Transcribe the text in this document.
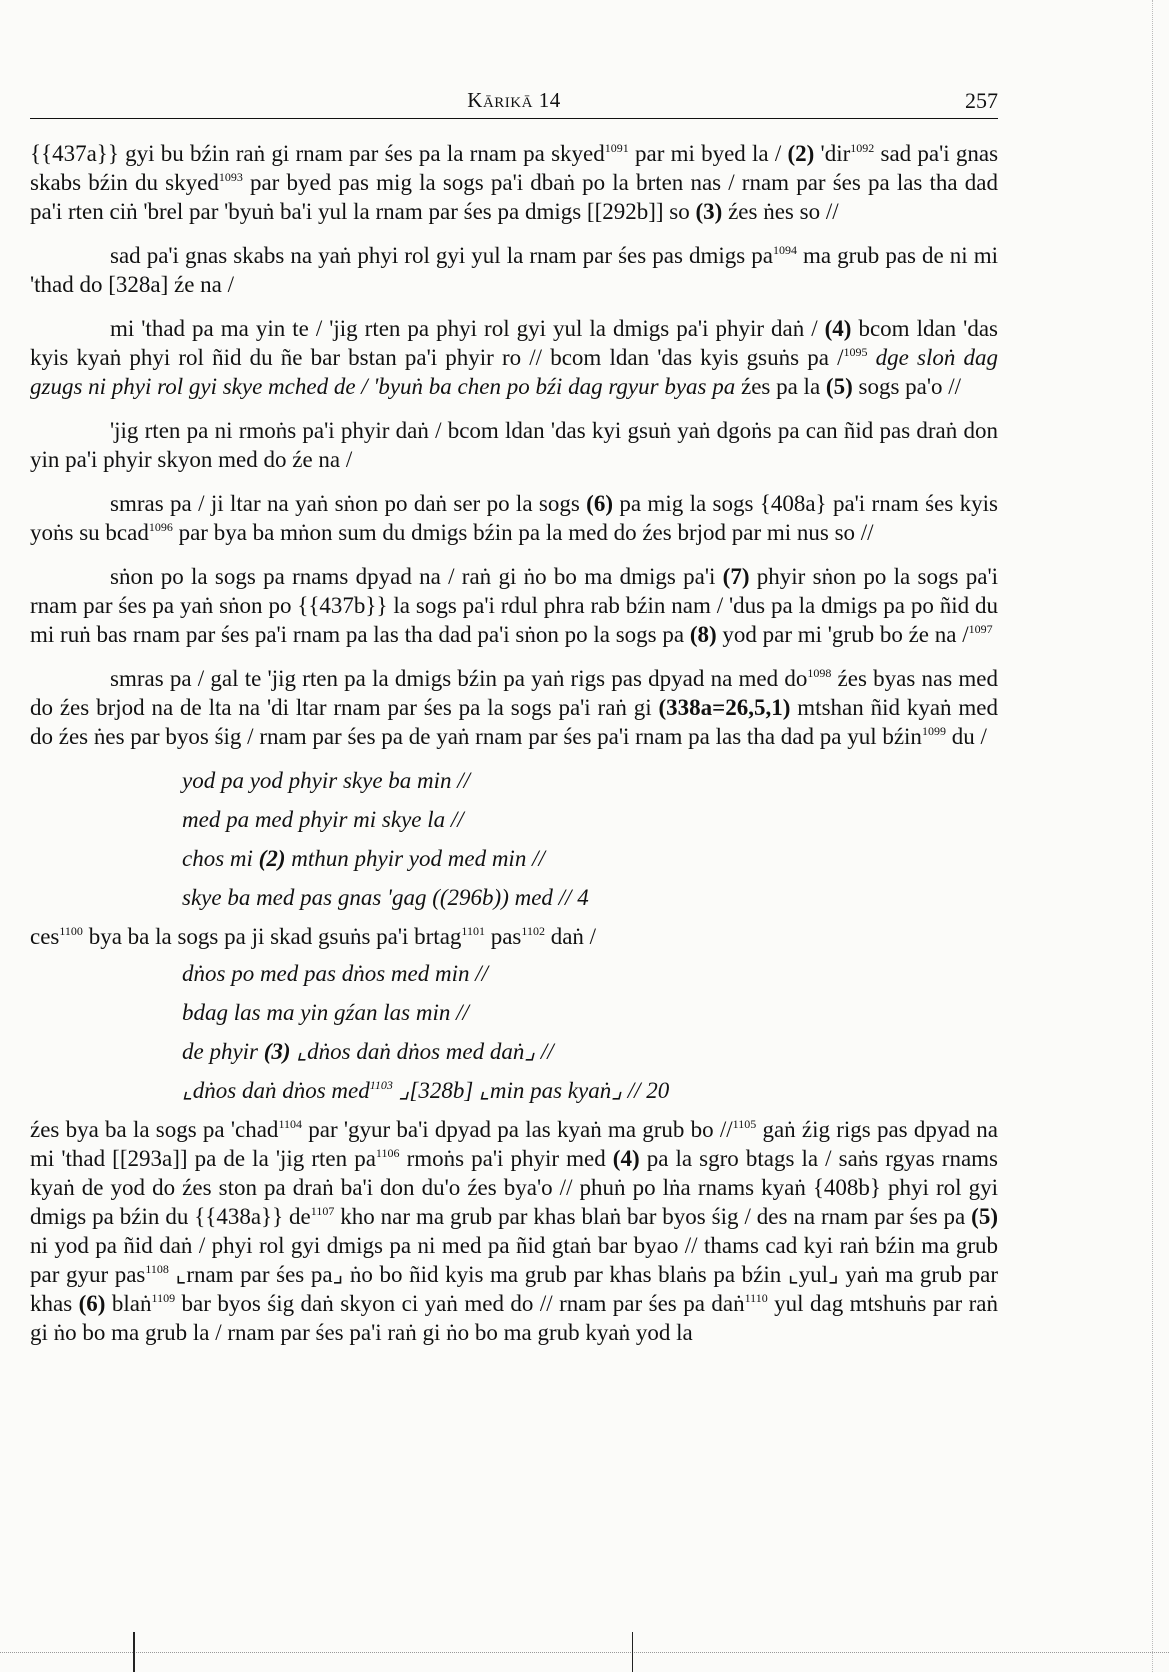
Kārikā 14	257

{{437a}} gyi bu bźin raṅ gi rnam par śes pa la rnam pa skyed$^{1091}$ par mi byed la / (2) 'dir$^{1092}$ sad pa'i gnas skabs bźin du skyed$^{1093}$ par byed pas mig la sogs pa'i dbaṅ po la brten nas / rnam par śes pa las tha dad pa'i rten ciṅ 'brel par 'byuṅ ba'i yul la rnam par śes pa dmigs [[292b]] so (3) źes ṅes so //

sad pa'i gnas skabs na yaṅ phyi rol gyi yul la rnam par śes pas dmigs $pa^{1094}$ ma grub pas de ni mi 'thad do [328a] źe na /

mi 'thad pa ma yin te / 'jig rten pa phyi rol gyi yul la dmigs pa'i phyir daṅ / (4) bcom ldan 'das kyis kyaṅ phyi rol ñid du ñe bar bstan pa'i phyir ro // bcom ldan 'das kyis gsuṅs pa /$^{1095}$ dge sloṅ dag gzugs ni phyi rol gyi skye mched de / 'byuṅ ba chen po bźi dag rgyur byas pa źes pa la (5) sogs pa'o //

'jig rten pa ni rmoṅs pa'i phyir daṅ / bcom ldan 'das kyi gsuṅ yaṅ dgoṅs pa can ñid pas draṅ don yin pa'i phyir skyon med do źe na /

smras pa / ji ltar na yaṅ sṅon po daṅ ser po la sogs (6) pa mig la sogs {408a} pa'i rnam śes kyis yoṅs su bcad$^{1096}$ par bya ba mṅon sum du dmigs bźin pa la med do źes brjod par mi nus so //

sṅon po la sogs pa rnams dpyad na / raṅ gi ṅo bo ma dmigs pa'i (7) phyir sṅon po la sogs pa'i rnam par śes pa yaṅ sṅon po {{437b}} la sogs pa'i rdul phra rab bźin nam / 'dus pa la dmigs pa po ñid du mi ruṅ bas rnam par śes pa'i rnam pa las tha dad pa'i sṅon po la sogs pa (8) yod par mi 'grub bo źe na /$^{1097}$

smras pa / gal te 'jig rten pa la dmigs bźin pa yaṅ rigs pas dpyad na med $do^{1098}$ źes byas nas med do źes brjod na de lta na 'di ltar rnam par śes pa la sogs pa'i raṅ gi (338a=26,5,1) mtshan ñid kyaṅ med do źes ṅes par byos śig / rnam par śes pa de yaṅ rnam par śes pa'i rnam pa las tha dad pa yul bźin$^{1099}$ du /

yod pa yod phyir skye ba min //

med pa med phyir mi skye la //

chos mi (2) mthun phyir yod med min //

skye ba med pas gnas 'gag ((296b)) med // 4

ces$^{1100}$ bya ba la sogs pa ji skad gsuṅs pa'i brtag$^{1101}$ pas$^{1102}$ daṅ /

dṅos po med pas dṅos med min //

bdag las ma yin gźan las min //

de phyir (3) ⌞dṅos daṅ dṅos med daṅ⌟ //

⌞dṅos daṅ dṅos med$^{1103}$ ⌟[328b] ⌞min pas kyaṅ⌟ // 20

źes bya ba la sogs pa 'chad$^{1104}$ par 'gyur ba'i dpyad pa las kyaṅ ma grub bo //$^{1105}$ gaṅ źig rigs pas dpyad na mi 'thad [[293a]] pa de la 'jig rten $pa^{1106}$ rmoṅs pa'i phyir med (4) pa la sgro btags la / saṅs rgyas rnams kyaṅ de yod do źes ston pa draṅ ba'i don du'o źes bya'o // phuṅ po lṅa rnams kyaṅ {408b} phyi rol gyi dmigs pa bźin du {{438a}} $de^{1107}$ kho nar ma grub par khas blaṅ bar byos śig / des na rnam par śes pa (5) ni yod pa ñid daṅ / phyi rol gyi dmigs pa ni med pa ñid gtaṅ bar byao // thams cad kyi raṅ bźin ma grub par gyur pas$^{1108}$ ⌞rnam par śes pa⌟ ṅo bo ñid kyis ma grub par khas blaṅs pa bźin ⌞yul⌟ yaṅ ma grub par khas (6) blaṅ$^{1109}$ bar byos śig daṅ skyon ci yaṅ med do // rnam par śes pa daṅ$^{1110}$ yul dag mtshuṅs par raṅ gi ṅo bo ma grub la / rnam par śes pa'i raṅ gi ṅo bo ma grub kyaṅ yod la
